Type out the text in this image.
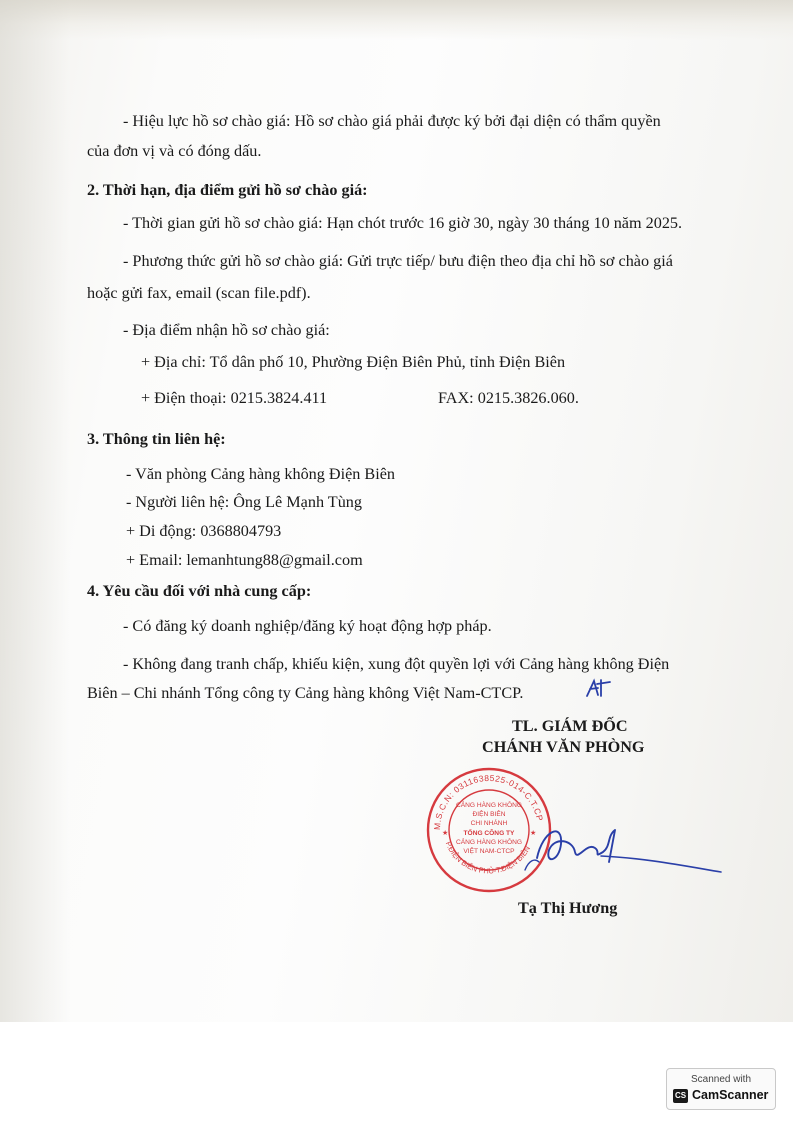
- Hiệu lực hồ sơ chào giá: Hồ sơ chào giá phải được ký bởi đại diện có thẩm quyền
của đơn vị và có đóng dấu.
2. Thời hạn, địa điểm gửi hồ sơ chào giá:
- Thời gian gửi hồ sơ chào giá: Hạn chót trước 16 giờ 30, ngày 30 tháng 10 năm 2025.
- Phương thức gửi hồ sơ chào giá: Gửi trực tiếp/ bưu điện theo địa chỉ hồ sơ chào giá
hoặc gửi fax, email (scan file.pdf).
- Địa điểm nhận hồ sơ chào giá:
+ Địa chỉ: Tổ dân phố 10, Phường Điện Biên Phủ, tỉnh Điện Biên
+ Điện thoại: 0215.3824.411	FAX: 0215.3826.060.
3. Thông tin liên hệ:
- Văn phòng Cảng hàng không Điện Biên
- Người liên hệ: Ông Lê Mạnh Tùng
+ Di động: 0368804793
+ Email: lemanhtung88@gmail.com
4. Yêu cầu đối với nhà cung cấp:
- Có đăng ký doanh nghiệp/đăng ký hoạt động hợp pháp.
- Không đang tranh chấp, khiếu kiện, xung đột quyền lợi với Cảng hàng không Điện
Biên – Chi nhánh Tổng công ty Cảng hàng không Việt Nam-CTCP.
TL. GIÁM ĐỐC
CHÁNH VĂN PHÒNG
M.S.C.N: 0311638525-014-C.T.CP
P.ĐIỆN BIÊN PHỦ-T.ĐIỆN BIÊN
★	★
CẢNG HÀNG KHÔNG
ĐIỆN BIÊN
CHI NHÁNH
TỔNG CÔNG TY
CẢNG HÀNG KHÔNG
VIỆT NAM-CTCP
Tạ Thị Hương
Scanned with
CS CamScanner
